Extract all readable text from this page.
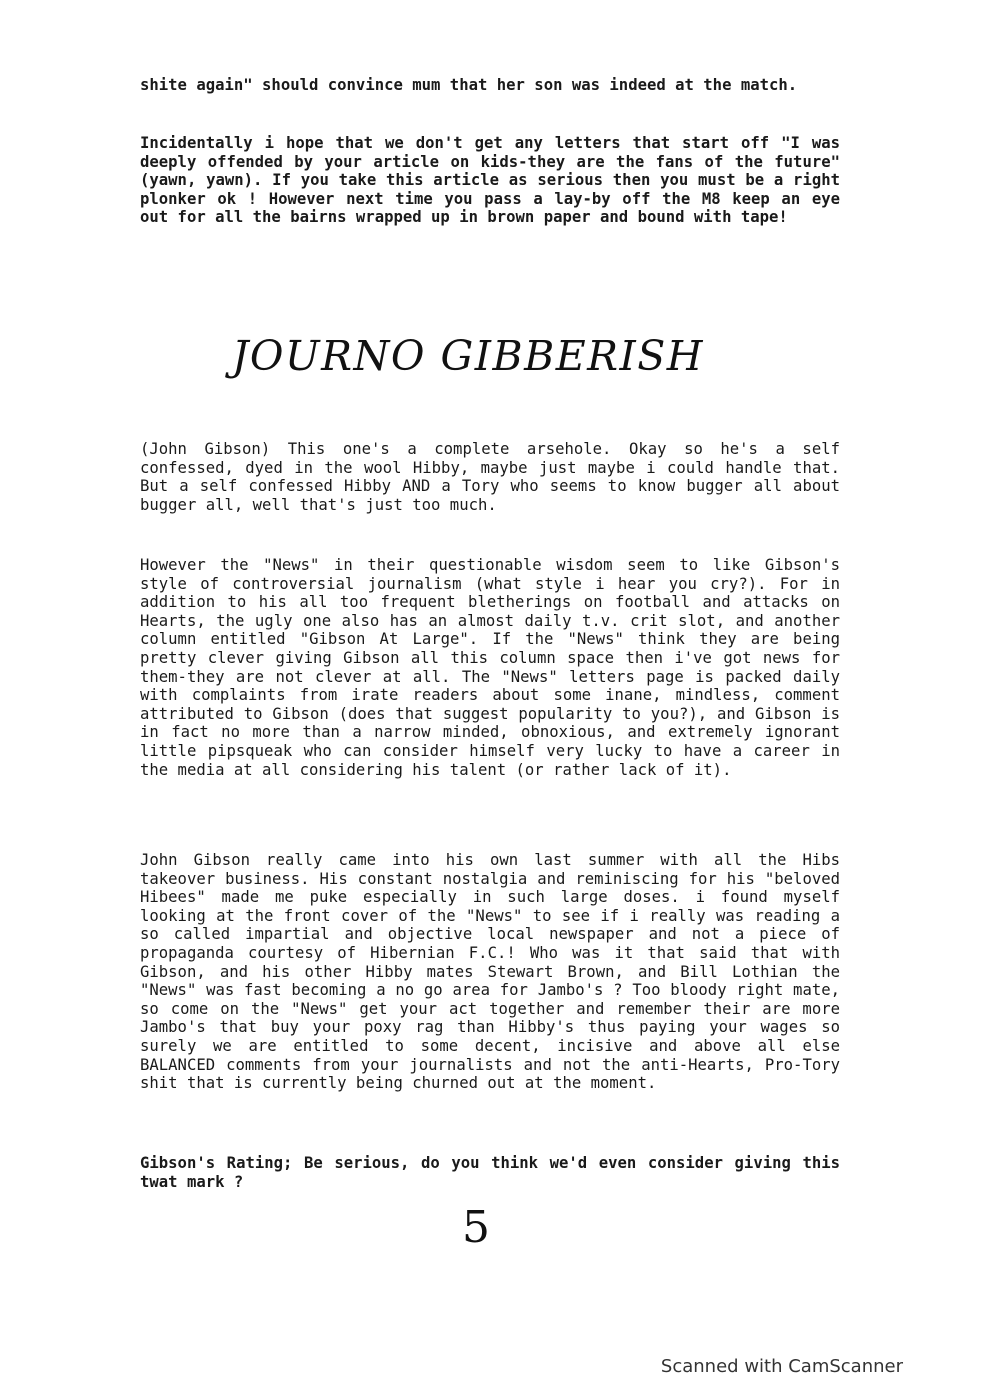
shite again" should convince mum that her son was indeed at the match.
Incidentally i hope that we don't get any letters that start off "I was deeply offended by your article on kids-they are the fans of the future" (yawn, yawn). If you take this article as serious then you must be a right plonker ok ! However next time you pass a lay-by off the M8 keep an eye out for all the bairns wrapped up in brown paper and bound with tape!
JOURNO GIBBERISH
(John Gibson) This one's a complete arsehole. Okay so he's a self confessed, dyed in the wool Hibby, maybe just maybe i could handle that. But a self confessed Hibby AND a Tory who seems to know bugger all about bugger all, well that's just too much.
However the "News" in their questionable wisdom seem to like Gibson's style of controversial journalism (what style i hear you cry?). For in addition to his all too frequent bletherings on football and attacks on Hearts, the ugly one also has an almost daily t.v. crit slot, and another column entitled "Gibson At Large". If the "News" think they are being pretty clever giving Gibson all this column space then i've got news for them-they are not clever at all. The "News" letters page is packed daily with complaints from irate readers about some inane, mindless, comment attributed to Gibson (does that suggest popularity to you?), and Gibson is in fact no more than a narrow minded, obnoxious, and extremely ignorant little pipsqueak who can consider himself very lucky to have a career in the media at all considering his talent (or rather lack of it).
John Gibson really came into his own last summer with all the Hibs takeover business. His constant nostalgia and reminiscing for his "beloved Hibees" made me puke especially in such large doses. i found myself looking at the front cover of the "News" to see if i really was reading a so called impartial and objective local newspaper and not a piece of propaganda courtesy of Hibernian F.C.! Who was it that said that with Gibson, and his other Hibby mates Stewart Brown, and Bill Lothian the "News" was fast becoming a no go area for Jambo's ? Too bloody right mate, so come on the "News" get your act together and remember their are more Jambo's that buy your poxy rag than Hibby's thus paying your wages so surely we are entitled to some decent, incisive and above all else BALANCED comments from your journalists and not the anti-Hearts, Pro-Tory shit that is currently being churned out at the moment.
Gibson's Rating; Be serious, do you think we'd even consider giving this twat mark ?
5
Scanned with CamScanner
